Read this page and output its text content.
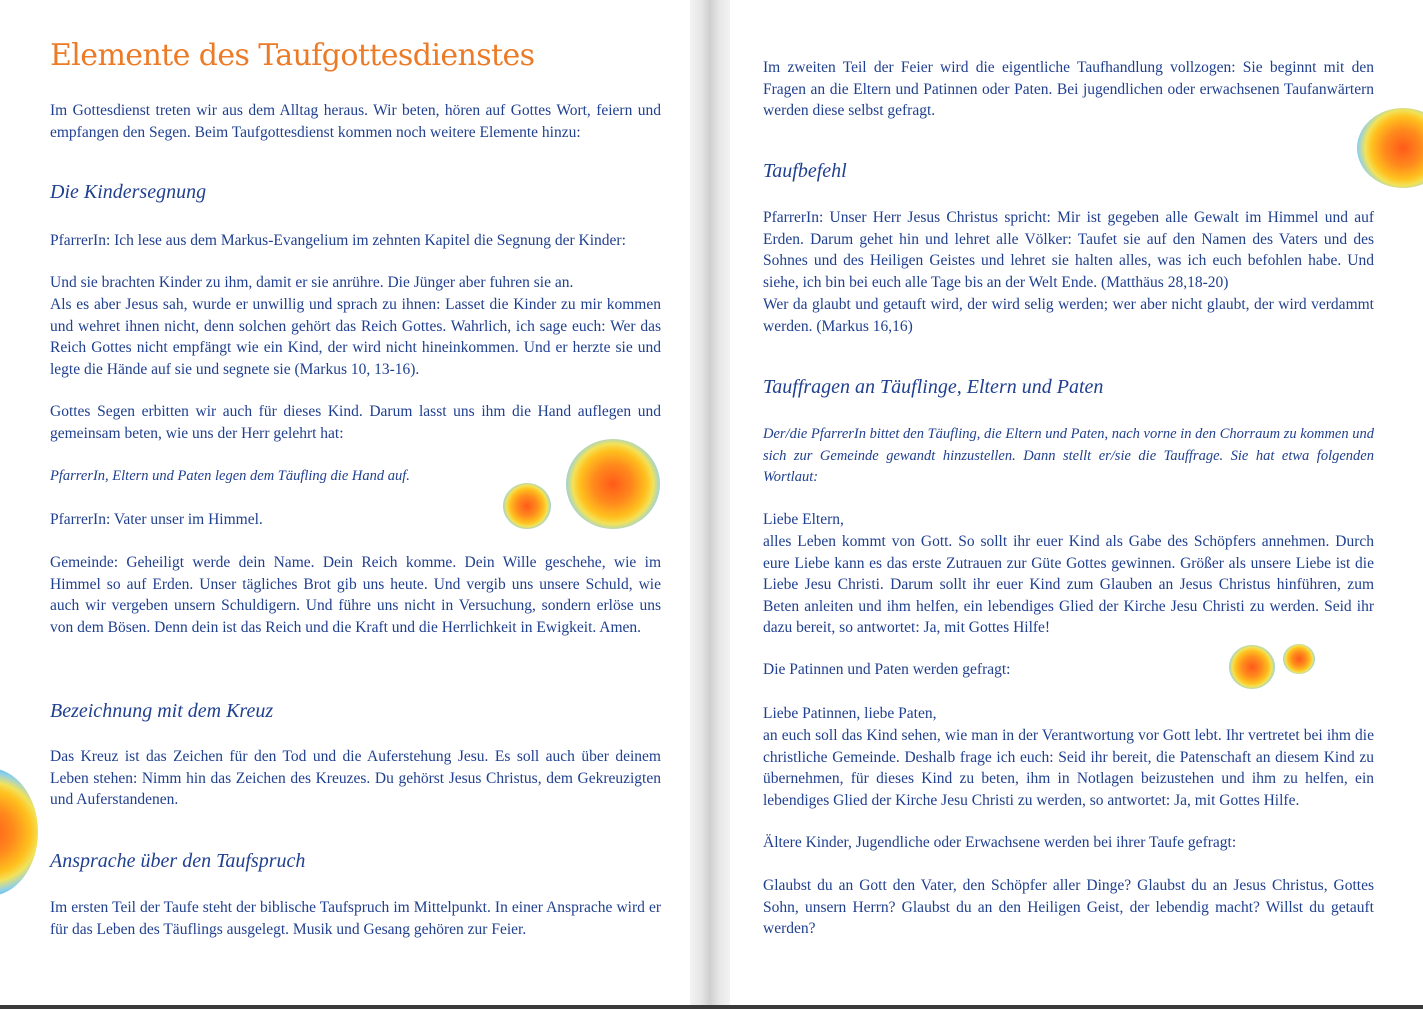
Elemente des Taufgottesdienstes

Im Gottesdienst treten wir aus dem Alltag heraus. Wir beten, hören auf Gottes Wort, feiern und empfangen den Segen. Beim Taufgottesdienst kommen noch weitere Elemente hinzu:

Die Kindersegnung

PfarrerIn: Ich lese aus dem Markus-Evangelium im zehnten Kapitel die Segnung der Kinder:

Und sie brachten Kinder zu ihm, damit er sie anrühre. Die Jünger aber fuhren sie an.

Als es aber Jesus sah, wurde er unwillig und sprach zu ihnen: Lasset die Kinder zu mir kommen und wehret ihnen nicht, denn solchen gehört das Reich Gottes. Wahrlich, ich sage euch: Wer das Reich Gottes nicht empfängt wie ein Kind, der wird nicht hineinkommen. Und er herzte sie und legte die Hände auf sie und segnete sie (Markus 10, 13-16).

Gottes Segen erbitten wir auch für dieses Kind. Darum lasst uns ihm die Hand auflegen und gemeinsam beten, wie uns der Herr gelehrt hat:

PfarrerIn, Eltern und Paten legen dem Täufling die Hand auf.

PfarrerIn: Vater unser im Himmel.

Gemeinde: Geheiligt werde dein Name. Dein Reich komme. Dein Wille geschehe, wie im Himmel so auf Erden. Unser tägliches Brot gib uns heute. Und vergib uns unsere Schuld, wie auch wir vergeben unsern Schuldigern. Und führe uns nicht in Versuchung, sondern erlöse uns von dem Bösen. Denn dein ist das Reich und die Kraft und die Herrlichkeit in Ewigkeit. Amen.

Bezeichnung mit dem Kreuz

Das Kreuz ist das Zeichen für den Tod und die Auferstehung Jesu. Es soll auch über deinem Leben stehen: Nimm hin das Zeichen des Kreuzes. Du gehörst Jesus Christus, dem Gekreuzigten und Auferstandenen.

Ansprache über den Taufspruch

Im ersten Teil der Taufe steht der biblische Taufspruch im Mittelpunkt. In einer Ansprache wird er für das Leben des Täuflings ausgelegt. Musik und Gesang gehören zur Feier.

Im zweiten Teil der Feier wird die eigentliche Taufhandlung vollzogen: Sie beginnt mit den Fragen an die Eltern und Patinnen oder Paten. Bei jugendlichen oder erwachsenen Taufanwärtern werden diese selbst gefragt.

Taufbefehl

PfarrerIn: Unser Herr Jesus Christus spricht: Mir ist gegeben alle Gewalt im Himmel und auf Erden. Darum gehet hin und lehret alle Völker: Taufet sie auf den Namen des Vaters und des Sohnes und des Heiligen Geistes und lehret sie halten alles, was ich euch befohlen habe. Und siehe, ich bin bei euch alle Tage bis an der Welt Ende. (Matthäus 28,18-20)

Wer da glaubt und getauft wird, der wird selig werden; wer aber nicht glaubt, der wird verdammt werden. (Markus 16,16)

Tauffragen an Täuflinge, Eltern und Paten

Der/die PfarrerIn bittet den Täufling, die Eltern und Paten, nach vorne in den Chorraum zu kommen und sich zur Gemeinde gewandt hinzustellen. Dann stellt er/sie die Tauffrage. Sie hat etwa folgenden Wortlaut:

Liebe Eltern,

alles Leben kommt von Gott. So sollt ihr euer Kind als Gabe des Schöpfers annehmen. Durch eure Liebe kann es das erste Zutrauen zur Güte Gottes gewinnen. Größer als unsere Liebe ist die Liebe Jesu Christi. Darum sollt ihr euer Kind zum Glauben an Jesus Christus hinführen, zum Beten anleiten und ihm helfen, ein lebendiges Glied der Kirche Jesu Christi zu werden. Seid ihr dazu bereit, so antwortet: Ja, mit Gottes Hilfe!

Die Patinnen und Paten werden gefragt:

Liebe Patinnen, liebe Paten,

an euch soll das Kind sehen, wie man in der Verantwortung vor Gott lebt. Ihr vertretet bei ihm die christliche Gemeinde. Deshalb frage ich euch: Seid ihr bereit, die Patenschaft an diesem Kind zu übernehmen, für dieses Kind zu beten, ihm in Notlagen beizustehen und ihm zu helfen, ein lebendiges Glied der Kirche Jesu Christi zu werden, so antwortet: Ja, mit Gottes Hilfe.

Ältere Kinder, Jugendliche oder Erwachsene werden bei ihrer Taufe gefragt:

Glaubst du an Gott den Vater, den Schöpfer aller Dinge? Glaubst du an Jesus Christus, Gottes Sohn, unsern Herrn? Glaubst du an den Heiligen Geist, der lebendig macht? Willst du getauft werden?
